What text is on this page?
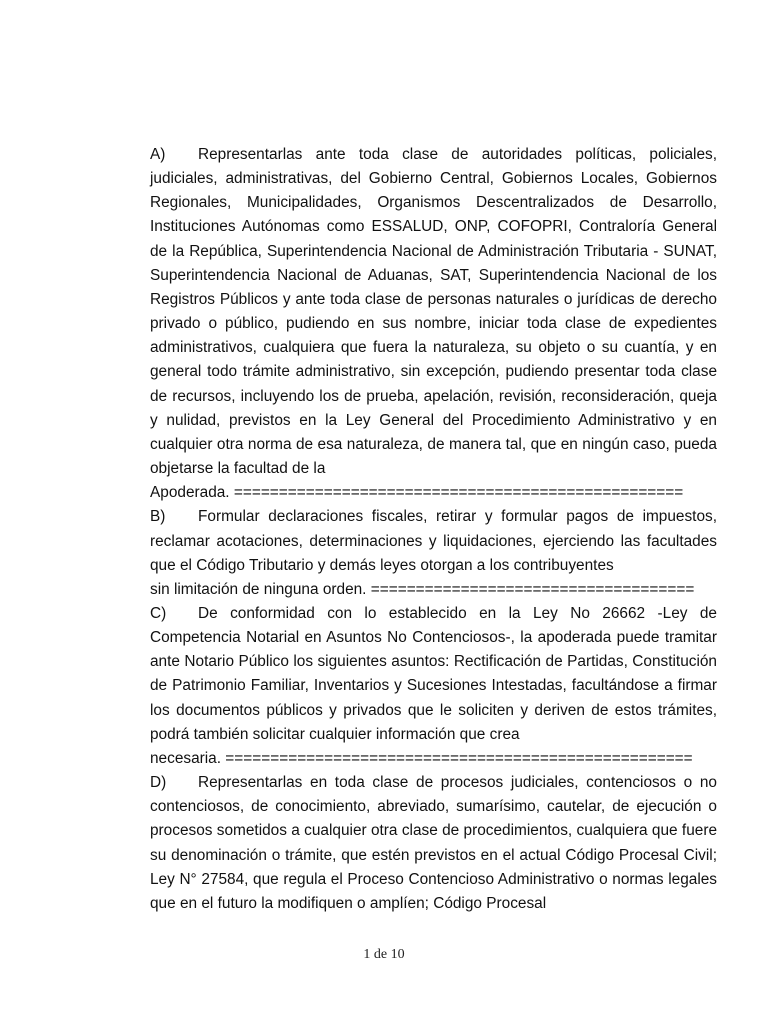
A) Representarlas ante toda clase de autoridades políticas, policiales, judiciales, administrativas, del Gobierno Central, Gobiernos Locales, Gobiernos Regionales, Municipalidades, Organismos Descentralizados de Desarrollo, Instituciones Autónomas como ESSALUD, ONP, COFOPRI, Contraloría General de la República, Superintendencia Nacional de Administración Tributaria - SUNAT, Superintendencia Nacional de Aduanas, SAT, Superintendencia Nacional de los Registros Públicos y ante toda clase de personas naturales o jurídicas de derecho privado o público, pudiendo en sus nombre, iniciar toda clase de expedientes administrativos, cualquiera que fuera la naturaleza, su objeto o su cuantía, y en general todo trámite administrativo, sin excepción, pudiendo presentar toda clase de recursos, incluyendo los de prueba, apelación, revisión, reconsideración, queja y nulidad, previstos en la Ley General del Procedimiento Administrativo y en cualquier otra norma de esa naturaleza, de manera tal, que en ningún caso, pueda objetarse la facultad de la
Apoderada. ==================================================

B) Formular declaraciones fiscales, retirar y formular pagos de impuestos, reclamar acotaciones, determinaciones y liquidaciones, ejerciendo las facultades que el Código Tributario y demás leyes otorgan a los contribuyentes
sin limitación de ninguna orden. ====================================

C) De conformidad con lo establecido en la Ley No 26662 -Ley de Competencia Notarial en Asuntos No Contenciosos-, la apoderada puede tramitar ante Notario Público los siguientes asuntos: Rectificación de Partidas, Constitución de Patrimonio Familiar, Inventarios y Sucesiones Intestadas, facultándose a firmar los documentos públicos y privados que le soliciten y deriven de estos trámites, podrá también solicitar cualquier información que crea
necesaria. ====================================================

D) Representarlas en toda clase de procesos judiciales, contenciosos o no contenciosos, de conocimiento, abreviado, sumarísimo, cautelar, de ejecución o procesos sometidos a cualquier otra clase de procedimientos, cualquiera que fuere su denominación o trámite, que estén previstos en el actual Código Procesal Civil; Ley N° 27584, que regula el Proceso Contencioso Administrativo o normas legales que en el futuro la modifiquen o amplíen; Código Procesal

1 de 10
